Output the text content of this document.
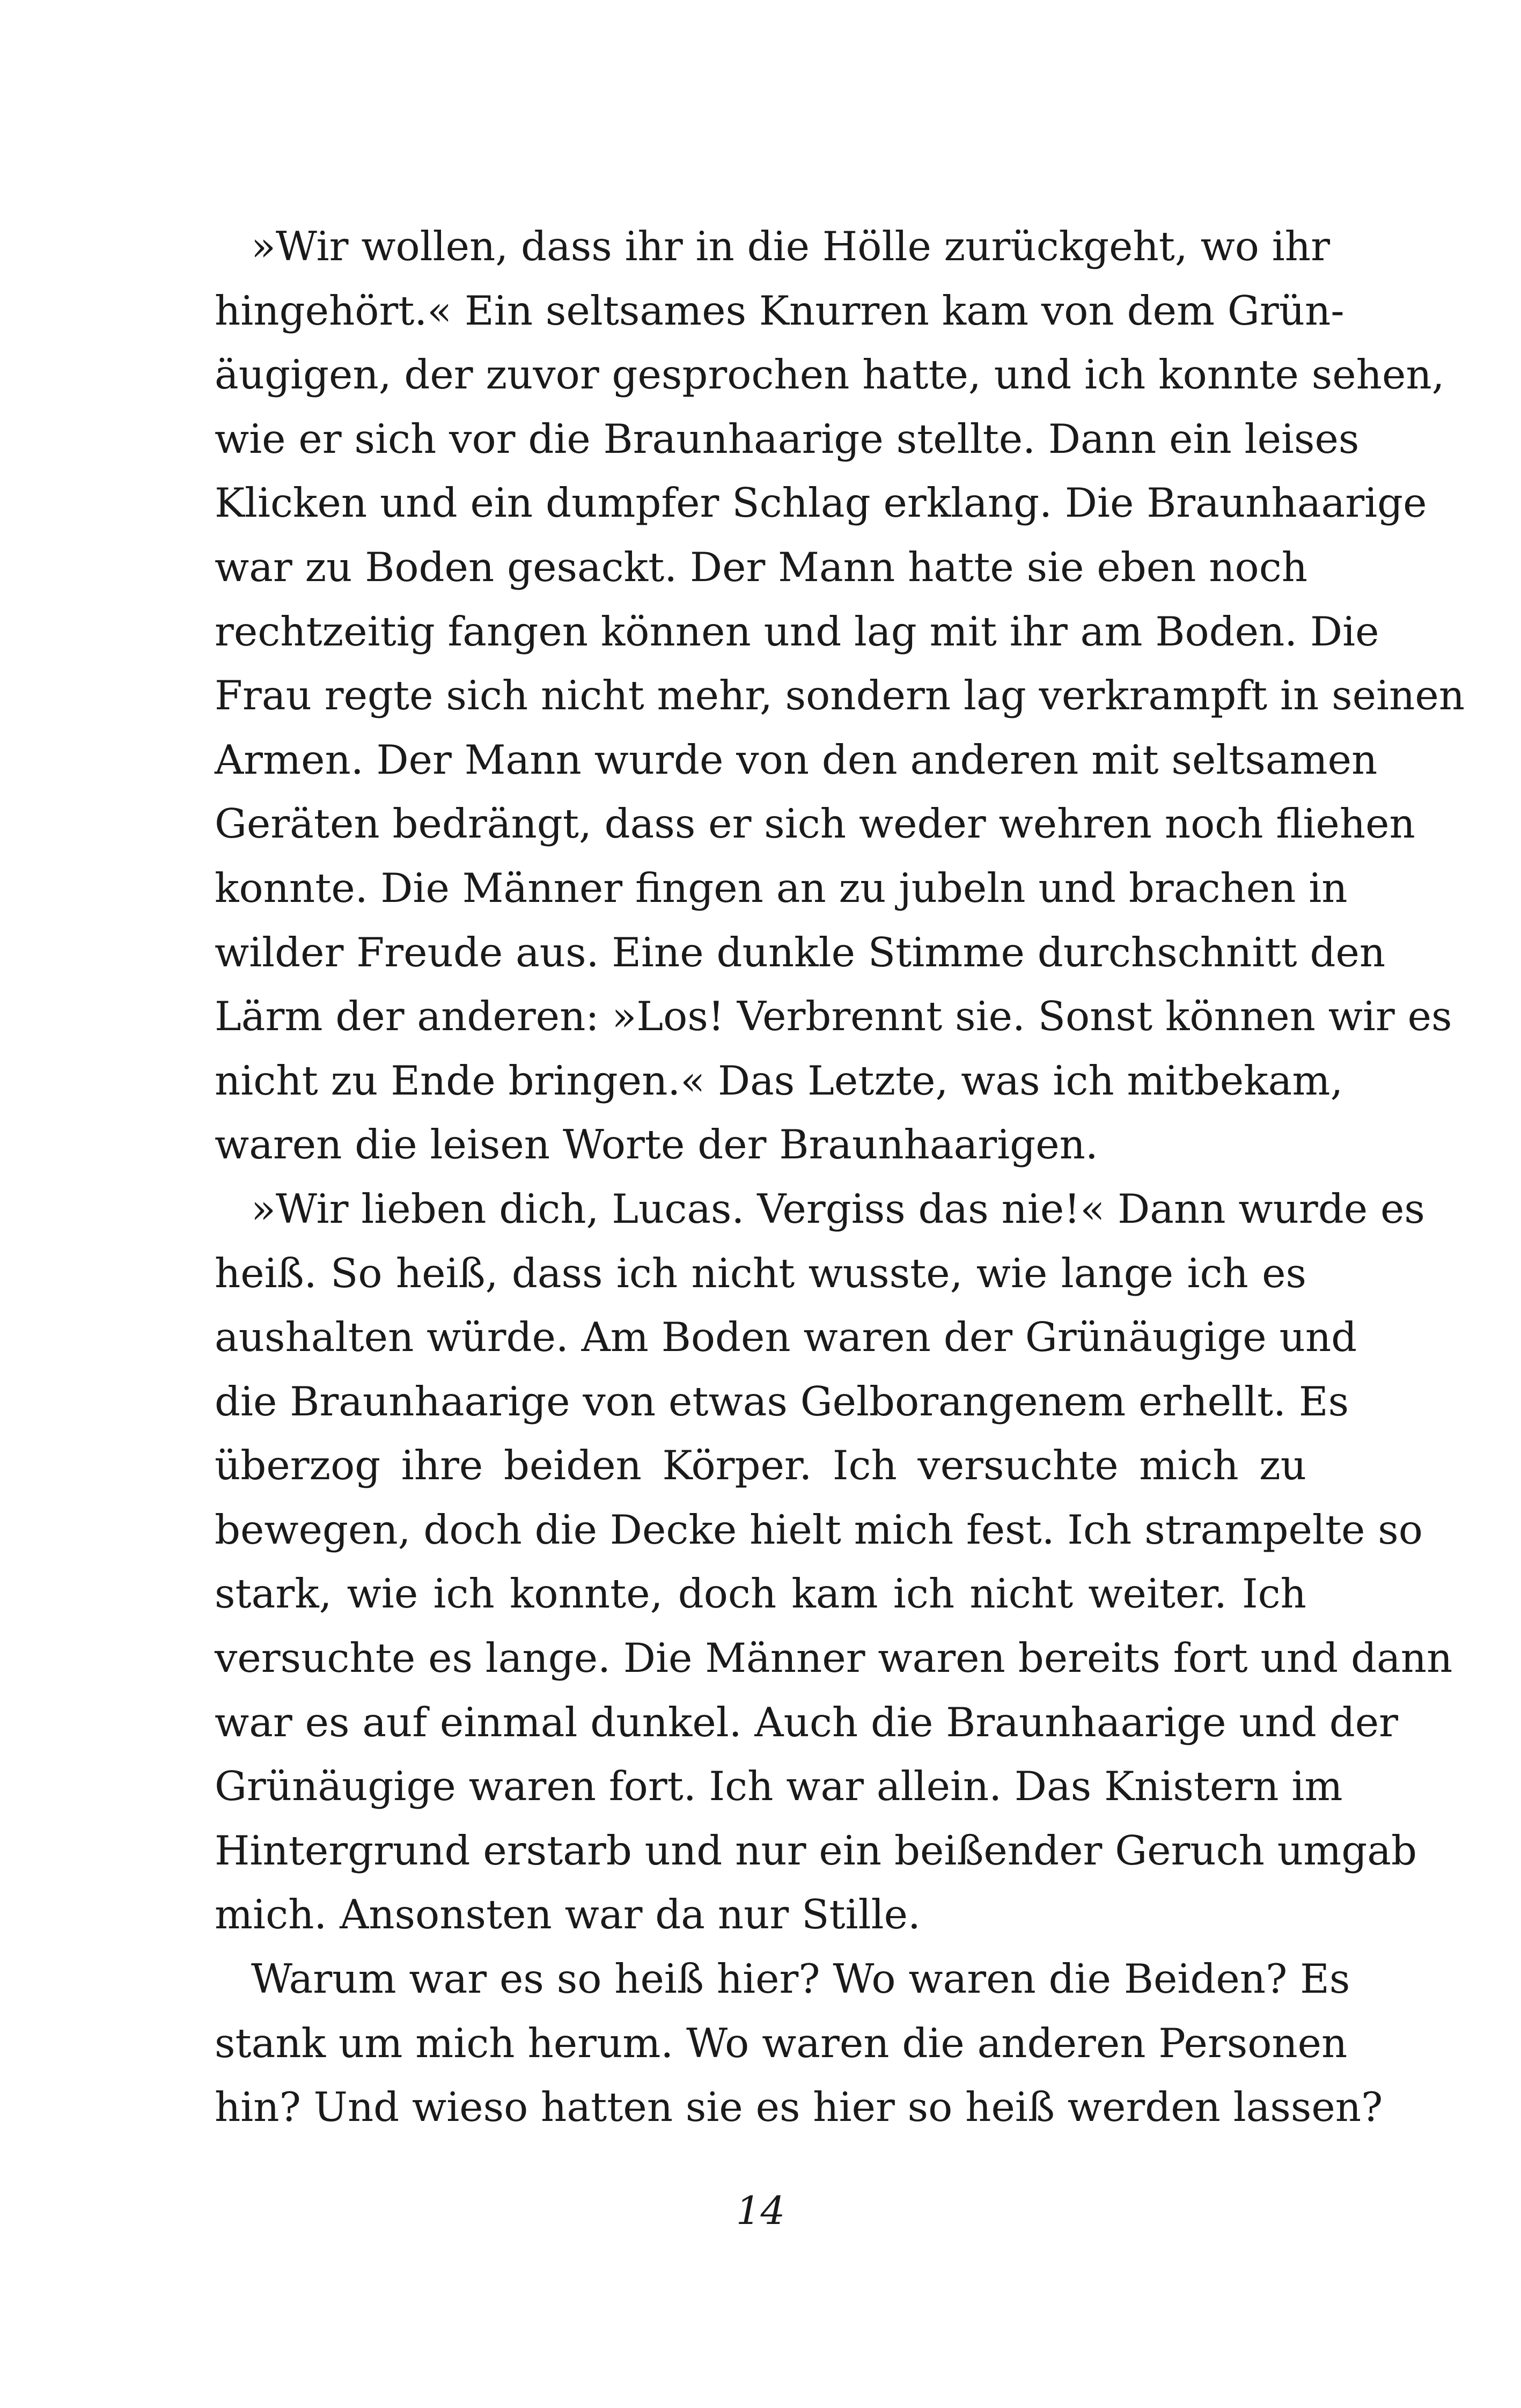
»Wir wollen, dass ihr in die Hölle zurückgeht, wo ihr
hingehört.« Ein seltsames Knurren kam von dem Grün-
äugigen, der zuvor gesprochen hatte, und ich konnte sehen,
wie er sich vor die Braunhaarige stellte. Dann ein leises
Klicken und ein dumpfer Schlag erklang. Die Braunhaarige
war zu Boden gesackt. Der Mann hatte sie eben noch
rechtzeitig fangen können und lag mit ihr am Boden. Die
Frau regte sich nicht mehr, sondern lag verkrampft in seinen
Armen. Der Mann wurde von den anderen mit seltsamen
Geräten bedrängt, dass er sich weder wehren noch fliehen
konnte. Die Männer fingen an zu jubeln und brachen in
wilder Freude aus. Eine dunkle Stimme durchschnitt den
Lärm der anderen: »Los! Verbrennt sie. Sonst können wir es
nicht zu Ende bringen.« Das Letzte, was ich mitbekam,
waren die leisen Worte der Braunhaarigen.
»Wir lieben dich, Lucas. Vergiss das nie!« Dann wurde es
heiß. So heiß, dass ich nicht wusste, wie lange ich es
aushalten würde. Am Boden waren der Grünäugige und
die Braunhaarige von etwas Gelborangenem erhellt. Es
überzog ihre beiden Körper. Ich versuchte mich zu
bewegen, doch die Decke hielt mich fest. Ich strampelte so
stark, wie ich konnte, doch kam ich nicht weiter. Ich
versuchte es lange. Die Männer waren bereits fort und dann
war es auf einmal dunkel. Auch die Braunhaarige und der
Grünäugige waren fort. Ich war allein. Das Knistern im
Hintergrund erstarb und nur ein beißender Geruch umgab
mich. Ansonsten war da nur Stille.
Warum war es so heiß hier? Wo waren die Beiden? Es
stank um mich herum. Wo waren die anderen Personen
hin? Und wieso hatten sie es hier so heiß werden lassen?
14
